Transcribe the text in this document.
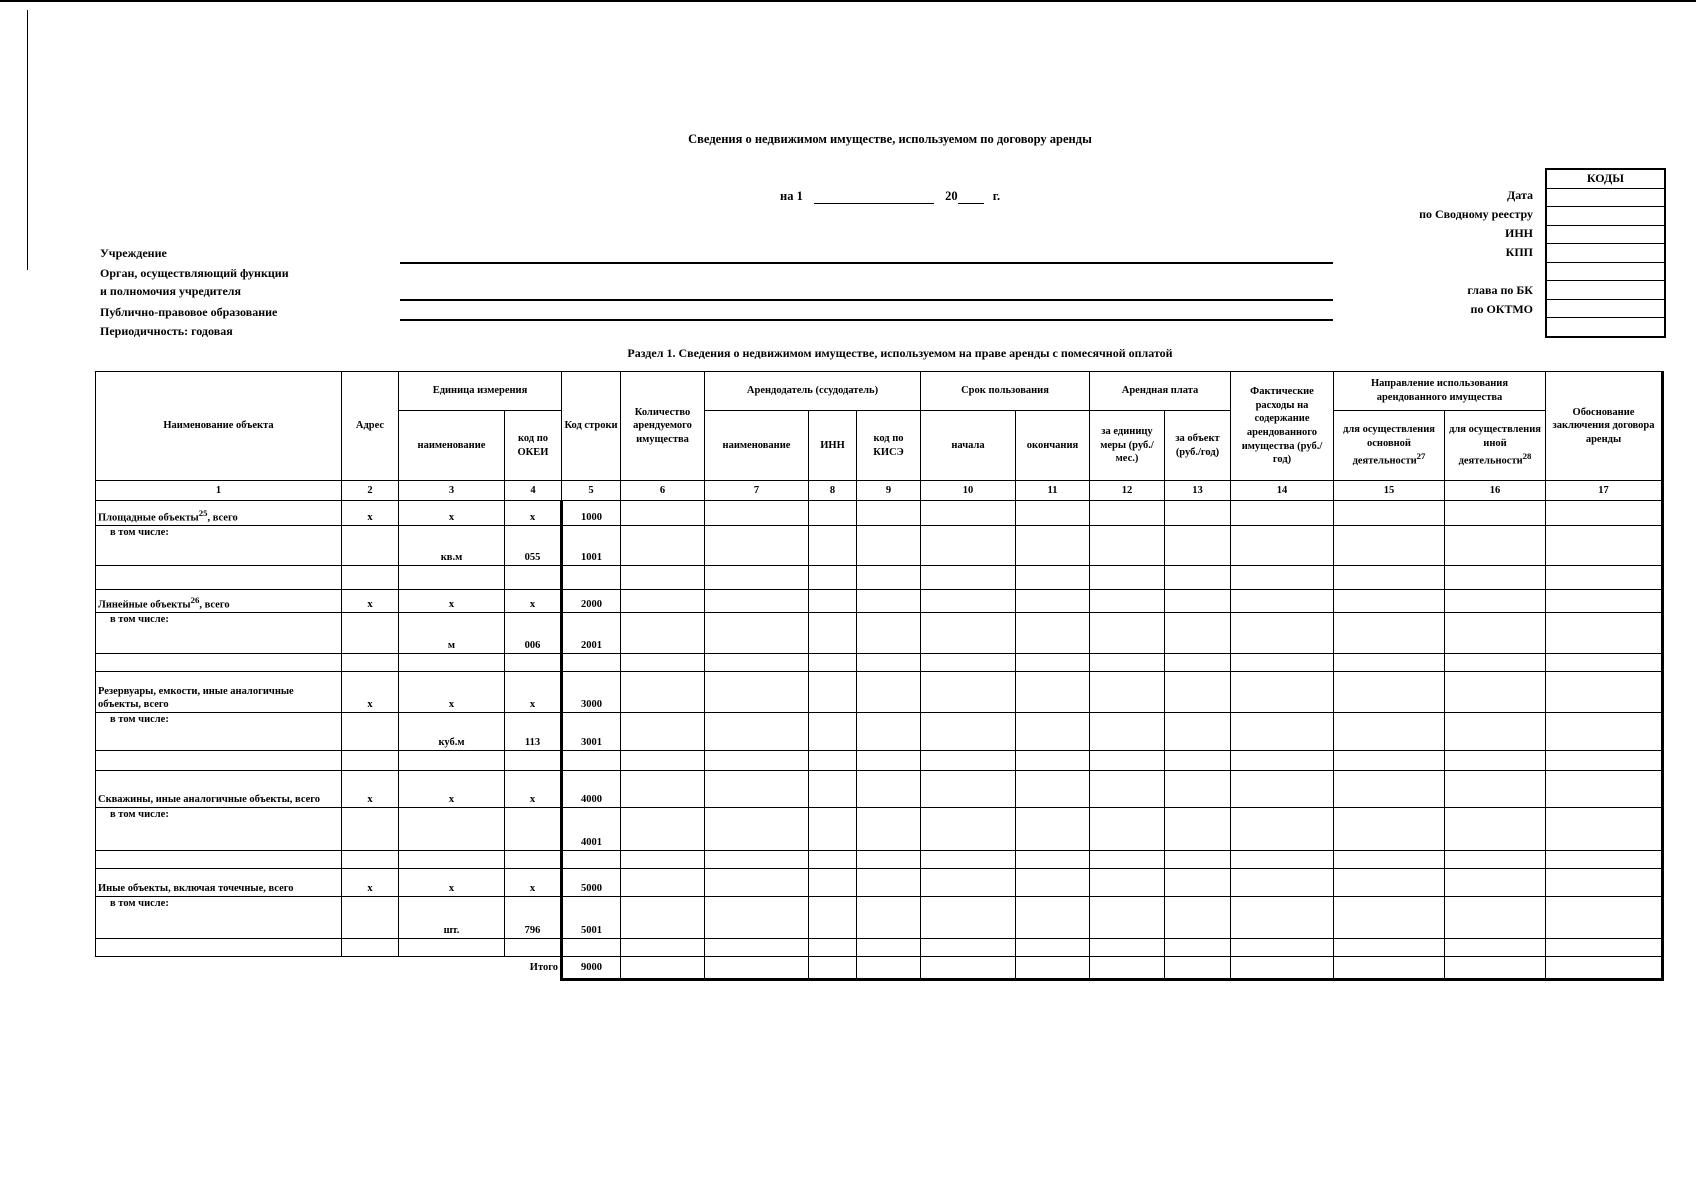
Сведения о недвижимом имуществе, используемом по договору аренды
на 1	20	г.
Учреждение
Орган, осуществляющий функции
и полномочия учредителя
Публично-правовое образование
Периодичность: годовая
КОДЫ
Дата
по Сводному реестру
ИНН
КПП
глава по БК
по ОКТМО
Раздел 1. Сведения о недвижимом имуществе, используемом на праве аренды с помесячной оплатой
Наименование объекта	Адрес	Единица измерения		Код строки	Количество арендуемого имущества	Арендодатель (ссудодатель)			Срок пользования		Арендная плата		Фактические расходы на содержание арендованного имущества (руб./год)	Направление использования арендованного имущества		Обоснование заключения договора аренды
		наименование	код по ОКЕИ			наименование	ИНН	код по КИСЭ	начала	окончания	за единицу меры (руб./мес.)	за объект (руб./год)		для осуществления основной деятельности$^{27}$	для осуществления иной деятельности$^{28}$
1	2	3	4	5	6	7	8	9	10	11	12	13	14	15	16	17
Площадные объекты$^{25}$, всего	x	x	x	1000												
в том числе:		кв.м	055	1001												

Линейные объекты$^{26}$, всего	x	x	x	2000												
в том числе:		м	006	2001												

Резервуары, емкости, иные аналогичные объекты, всего	x	x	x	3000												
в том числе:		куб.м	113	3001												

Скважины, иные аналогичные объекты, всего	x	x	x	4000												
в том числе:				4001												

Иные объекты, включая точечные, всего	x	x	x	5000												
в том числе:		шт.	796	5001												

			Итого	9000												
